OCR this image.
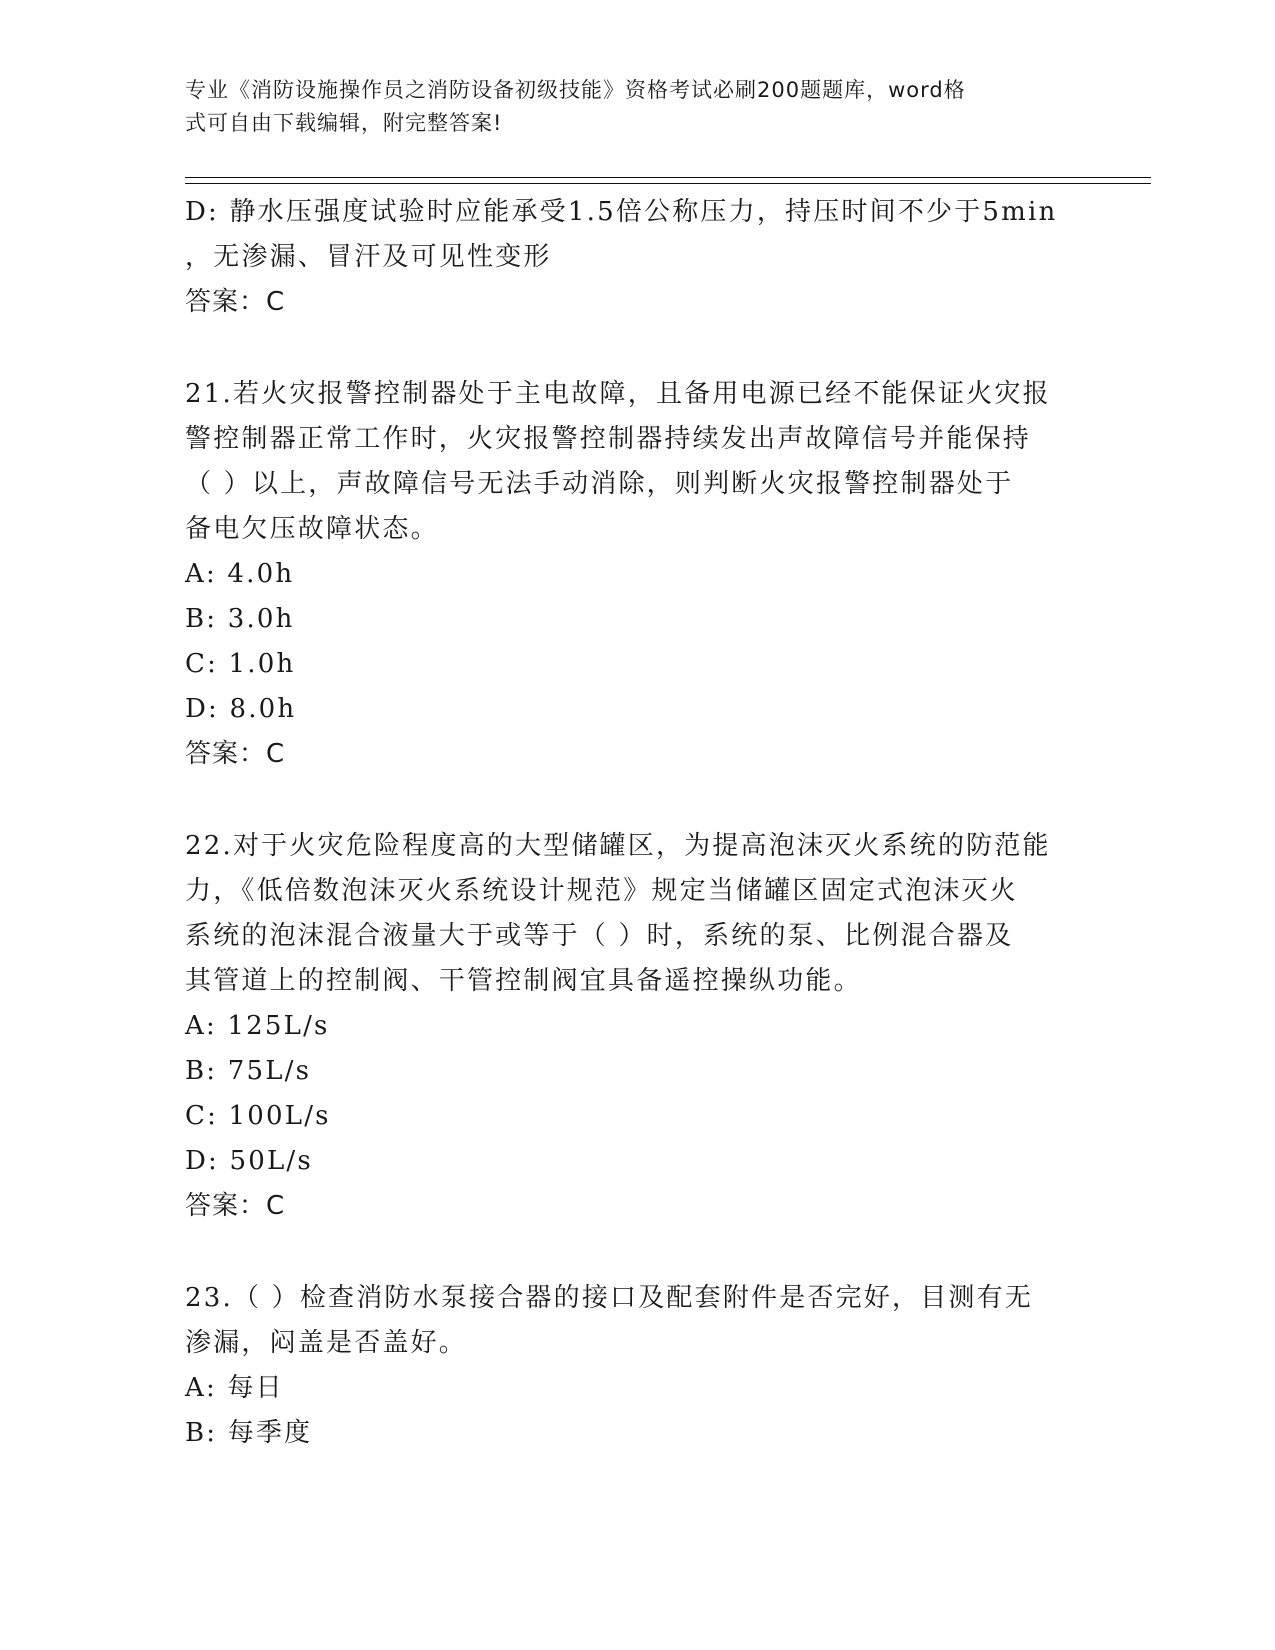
专业《消防设施操作员之消防设备初级技能》资格考试必刷200题题库，word格
式可自由下载编辑，附完整答案!
D: 静水压强度试验时应能承受1.5倍公称压力，持压时间不少于5min
，无渗漏、冒汗及可见性变形
答案：C
21.若火灾报警控制器处于主电故障，且备用电源已经不能保证火灾报
警控制器正常工作时，火灾报警控制器持续发出声故障信号并能保持
（ ）以上，声故障信号无法手动消除，则判断火灾报警控制器处于
备电欠压故障状态。
A: 4.0h
B: 3.0h
C: 1.0h
D: 8.0h
答案：C
22.对于火灾危险程度高的大型储罐区，为提高泡沫灭火系统的防范能
力，《低倍数泡沫灭火系统设计规范》规定当储罐区固定式泡沫灭火
系统的泡沫混合液量大于或等于（ ）时，系统的泵、比例混合器及
其管道上的控制阀、干管控制阀宜具备遥控操纵功能。
A: 125L/s
B: 75L/s
C: 100L/s
D: 50L/s
答案：C
23.（ ）检查消防水泵接合器的接口及配套附件是否完好，目测有无
渗漏，闷盖是否盖好。
A: 每日
B: 每季度
